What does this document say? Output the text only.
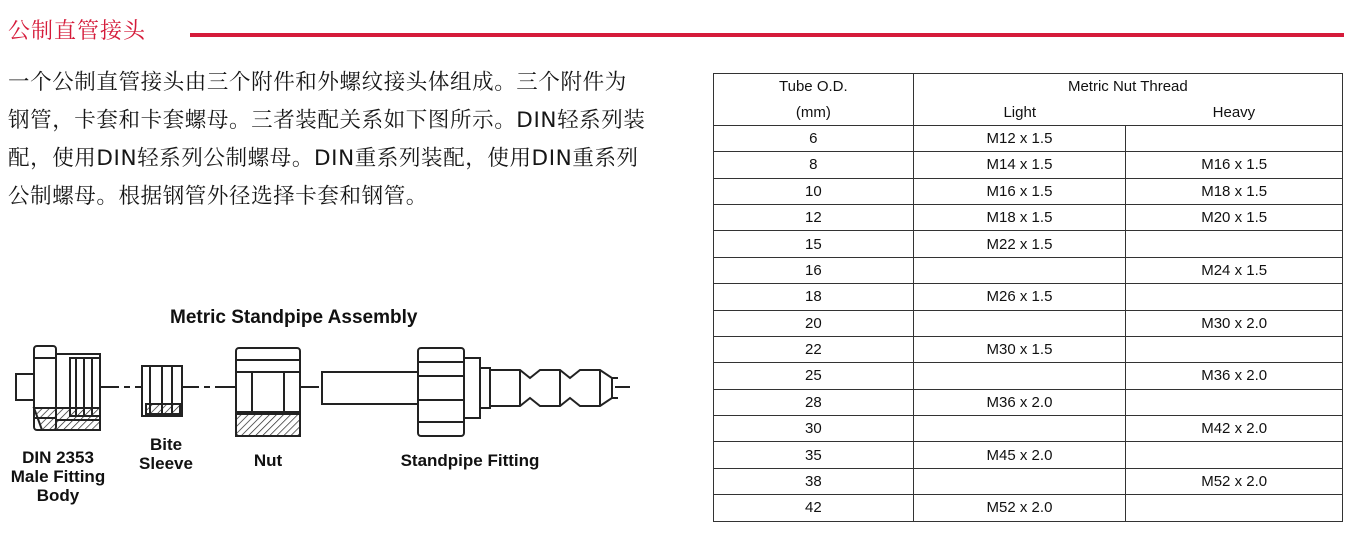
公制直管接头
一个公制直管接头由三个附件和外螺纹接头体组成。三个附件为钢管，卡套和卡套螺母。三者装配关系如下图所示。DIN轻系列装配，使用DIN轻系列公制螺母。DIN重系列装配，使用DIN重系列公制螺母。根据钢管外径选择卡套和钢管。
Metric Standpipe Assembly
DIN 2353
Male Fitting
Body
Bite
Sleeve	Nut	Standpipe Fitting
Tube O.D.	Metric Nut Thread	
(mm)	Light	Heavy
6	M12 x 1.5	
8	M14 x 1.5	M16 x 1.5
10	M16 x 1.5	M18 x 1.5
12	M18 x 1.5	M20 x 1.5
15	M22 x 1.5	
16		M24 x 1.5
18	M26 x 1.5	
20		M30 x 2.0
22	M30 x 1.5	
25		M36 x 2.0
28	M36 x 2.0	
30		M42 x 2.0
35	M45 x 2.0	
38		M52 x 2.0
42	M52 x 2.0	
